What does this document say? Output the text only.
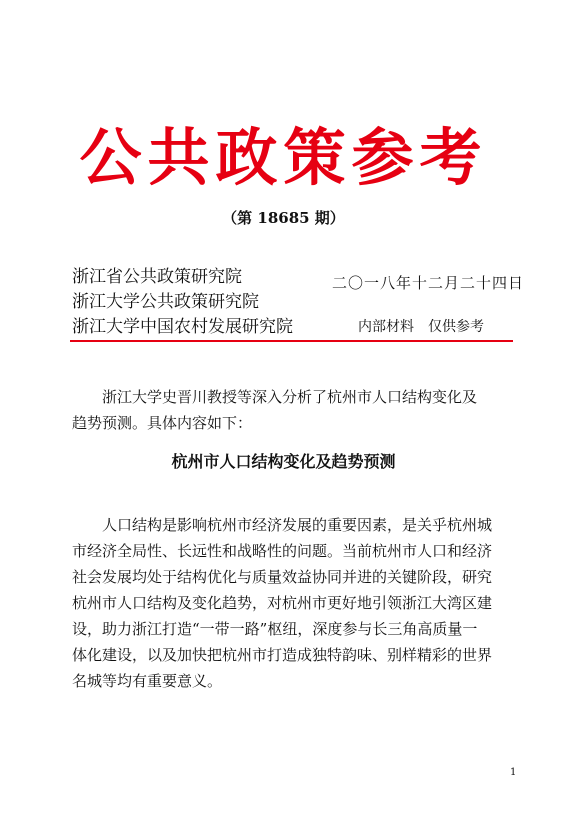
公共政策参考
（第 18685 期）
浙江省公共政策研究院
浙江大学公共政策研究院
浙江大学中国农村发展研究院
二〇一八年十二月二十四日
内部材料　仅供参考
浙江大学史晋川教授等深入分析了杭州市人口结构变化及
趋势预测。具体内容如下：
杭州市人口结构变化及趋势预测
人口结构是影响杭州市经济发展的重要因素，是关乎杭州城
市经济全局性、长远性和战略性的问题。当前杭州市人口和经济
社会发展均处于结构优化与质量效益协同并进的关键阶段，研究
杭州市人口结构及变化趋势，对杭州市更好地引领浙江大湾区建
设，助力浙江打造“一带一路”枢纽，深度参与长三角高质量一
体化建设，以及加快把杭州市打造成独特韵味、别样精彩的世界
名城等均有重要意义。
1
